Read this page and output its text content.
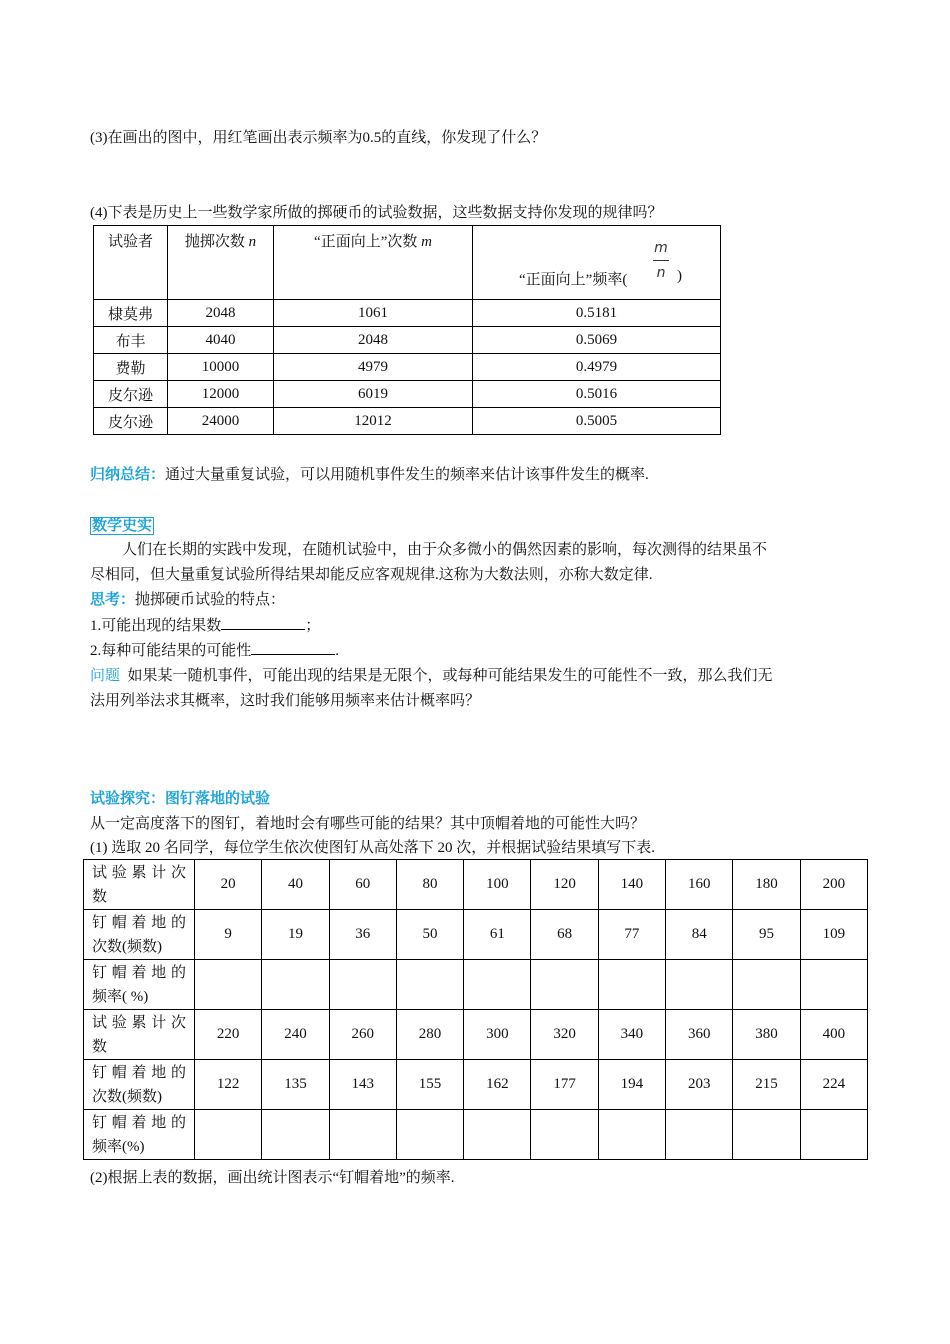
(3)在画出的图中，用红笔画出表示频率为0.5的直线，你发现了什么？
(4)下表是历史上一些数学家所做的掷硬币的试验数据，这些数据支持你发现的规律吗？
试验者	抛掷次数 n	“正面向上”次数 m	“正面向上”频率(
m
n )

棣莫弗	2048	1061	0.5181
布丰	4040	2048	0.5069
费勒	10000	4979	0.4979
皮尔逊	12000	6019	0.5016
皮尔逊	24000	12012	0.5005
归纳总结：通过大量重复试验，可以用随机事件发生的频率来估计该事件发生的概率.
数学史实
人们在长期的实践中发现，在随机试验中，由于众多微小的偶然因素的影响，每次测得的结果虽不
尽相同，但大量重复试验所得结果却能反应客观规律.这称为大数法则，亦称大数定律.
思考：抛掷硬币试验的特点：
1.可能出现的结果数	；
2.每种可能结果的可能性	.
问题 如果某一随机事件，可能出现的结果是无限个，或每种可能结果发生的可能性不一致，那么我们无
法用列举法求其概率，这时我们能够用频率来估计概率吗？
试验探究：图钉落地的试验
从一定高度落下的图钉，着地时会有哪些可能的结果？其中顶帽着地的可能性大吗？
(1) 选取 20 名同学，每位学生依次使图钉从高处落下 20 次，并根据试验结果填写下表.
试验累计次
数	20	40	60	80	100	120	140	160	180	200
钉帽着地的
次数(频数)	9	19	36	50	61	68	77	84	95	109
钉帽着地的
频率( %)										

试验累计次
数	220	240	260	280	300	320	340	360	380	400
钉帽着地的
次数(频数)	122	135	143	155	162	177	194	203	215	224
钉帽着地的
频率(%)										

(2)根据上表的数据，画出统计图表示“钉帽着地”的频率.
